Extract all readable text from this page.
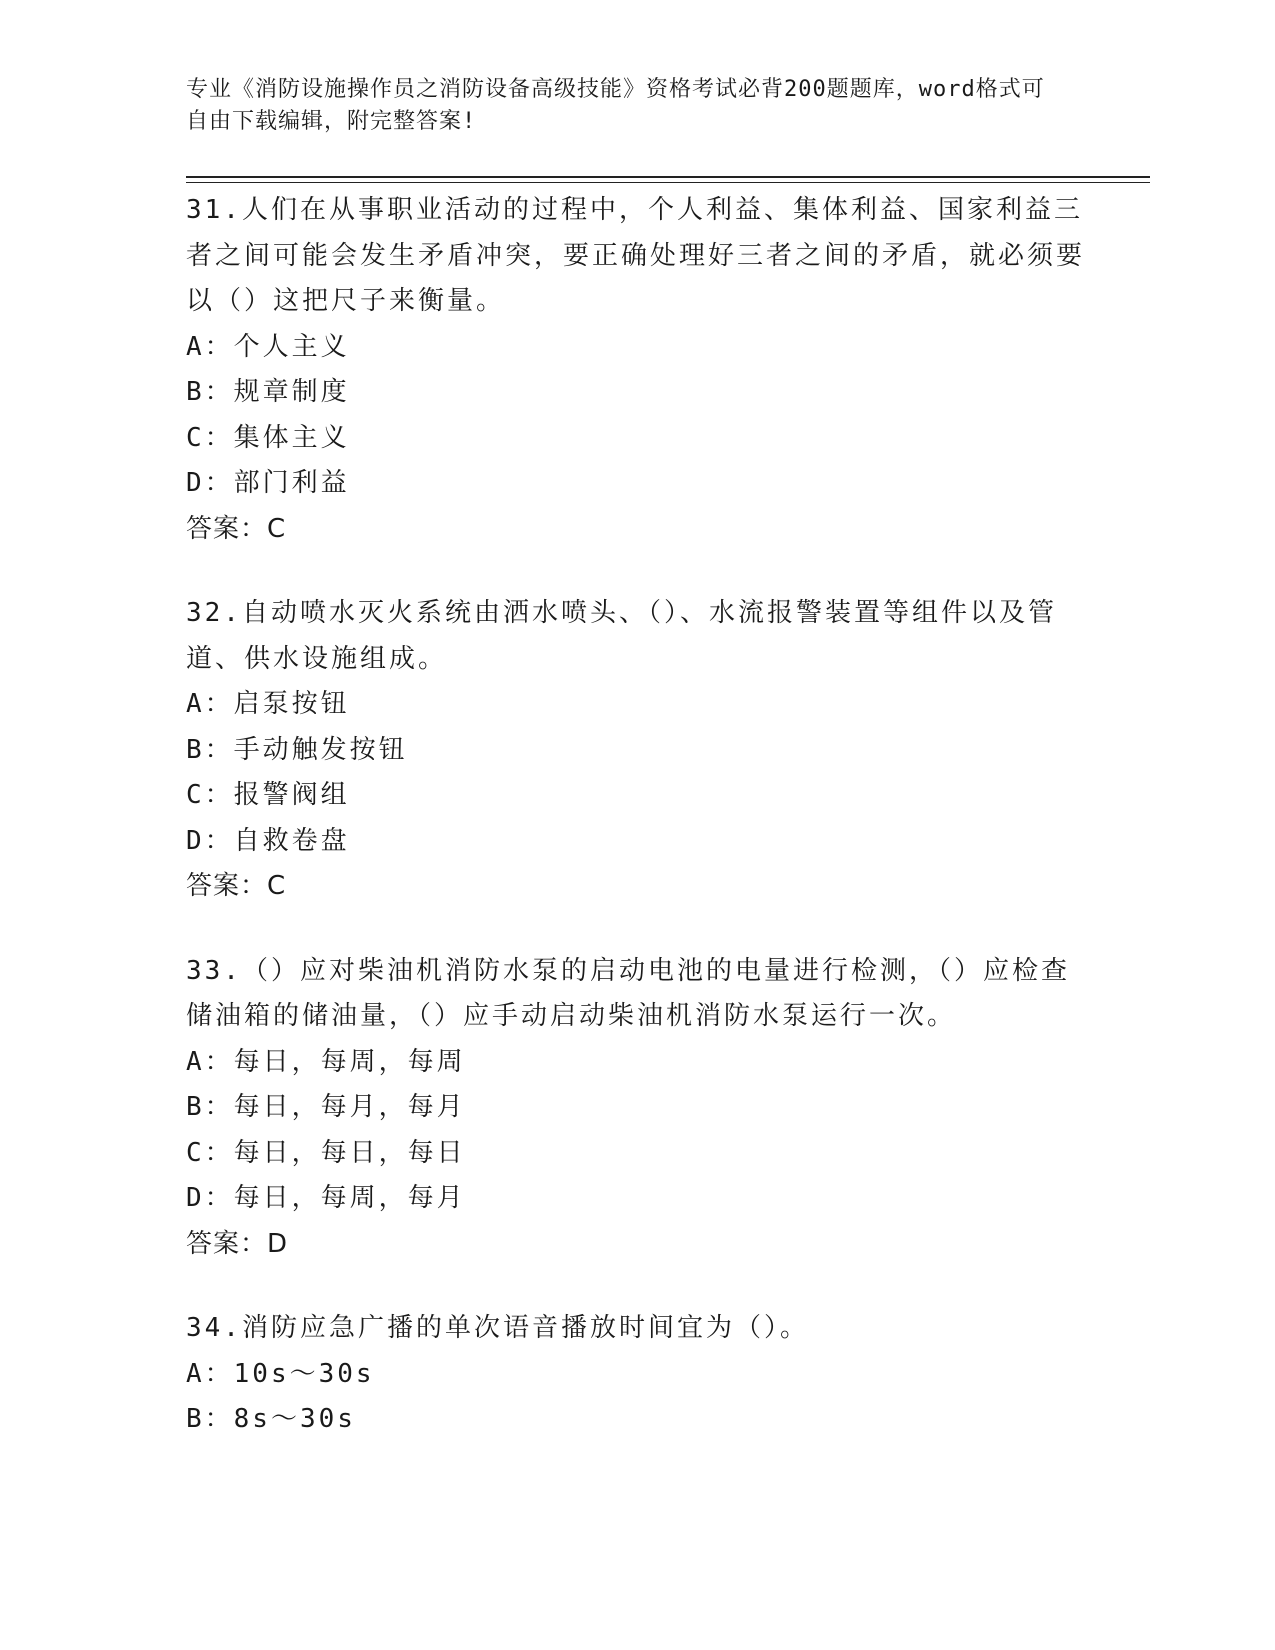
专业《消防设施操作员之消防设备高级技能》资格考试必背200题题库，word格式可自由下载编辑，附完整答案!

31.人们在从事职业活动的过程中，个人利益、集体利益、国家利益三者之间可能会发生矛盾冲突，要正确处理好三者之间的矛盾，就必须要以（）这把尺子来衡量。

A：个人主义

B：规章制度

C：集体主义

D：部门利益

答案：C

32.自动喷水灭火系统由洒水喷头、（）、水流报警装置等组件以及管道、供水设施组成。

A：启泵按钮

B：手动触发按钮

C：报警阀组

D：自救卷盘

答案：C

33.（）应对柴油机消防水泵的启动电池的电量进行检测，（）应检查储油箱的储油量，（）应手动启动柴油机消防水泵运行一次。

A：每日，每周，每周

B：每日，每月，每月

C：每日，每日，每日

D：每日，每周，每月

答案：D

34.消防应急广播的单次语音播放时间宜为（）。

A：10s～30s

B：8s～30s
